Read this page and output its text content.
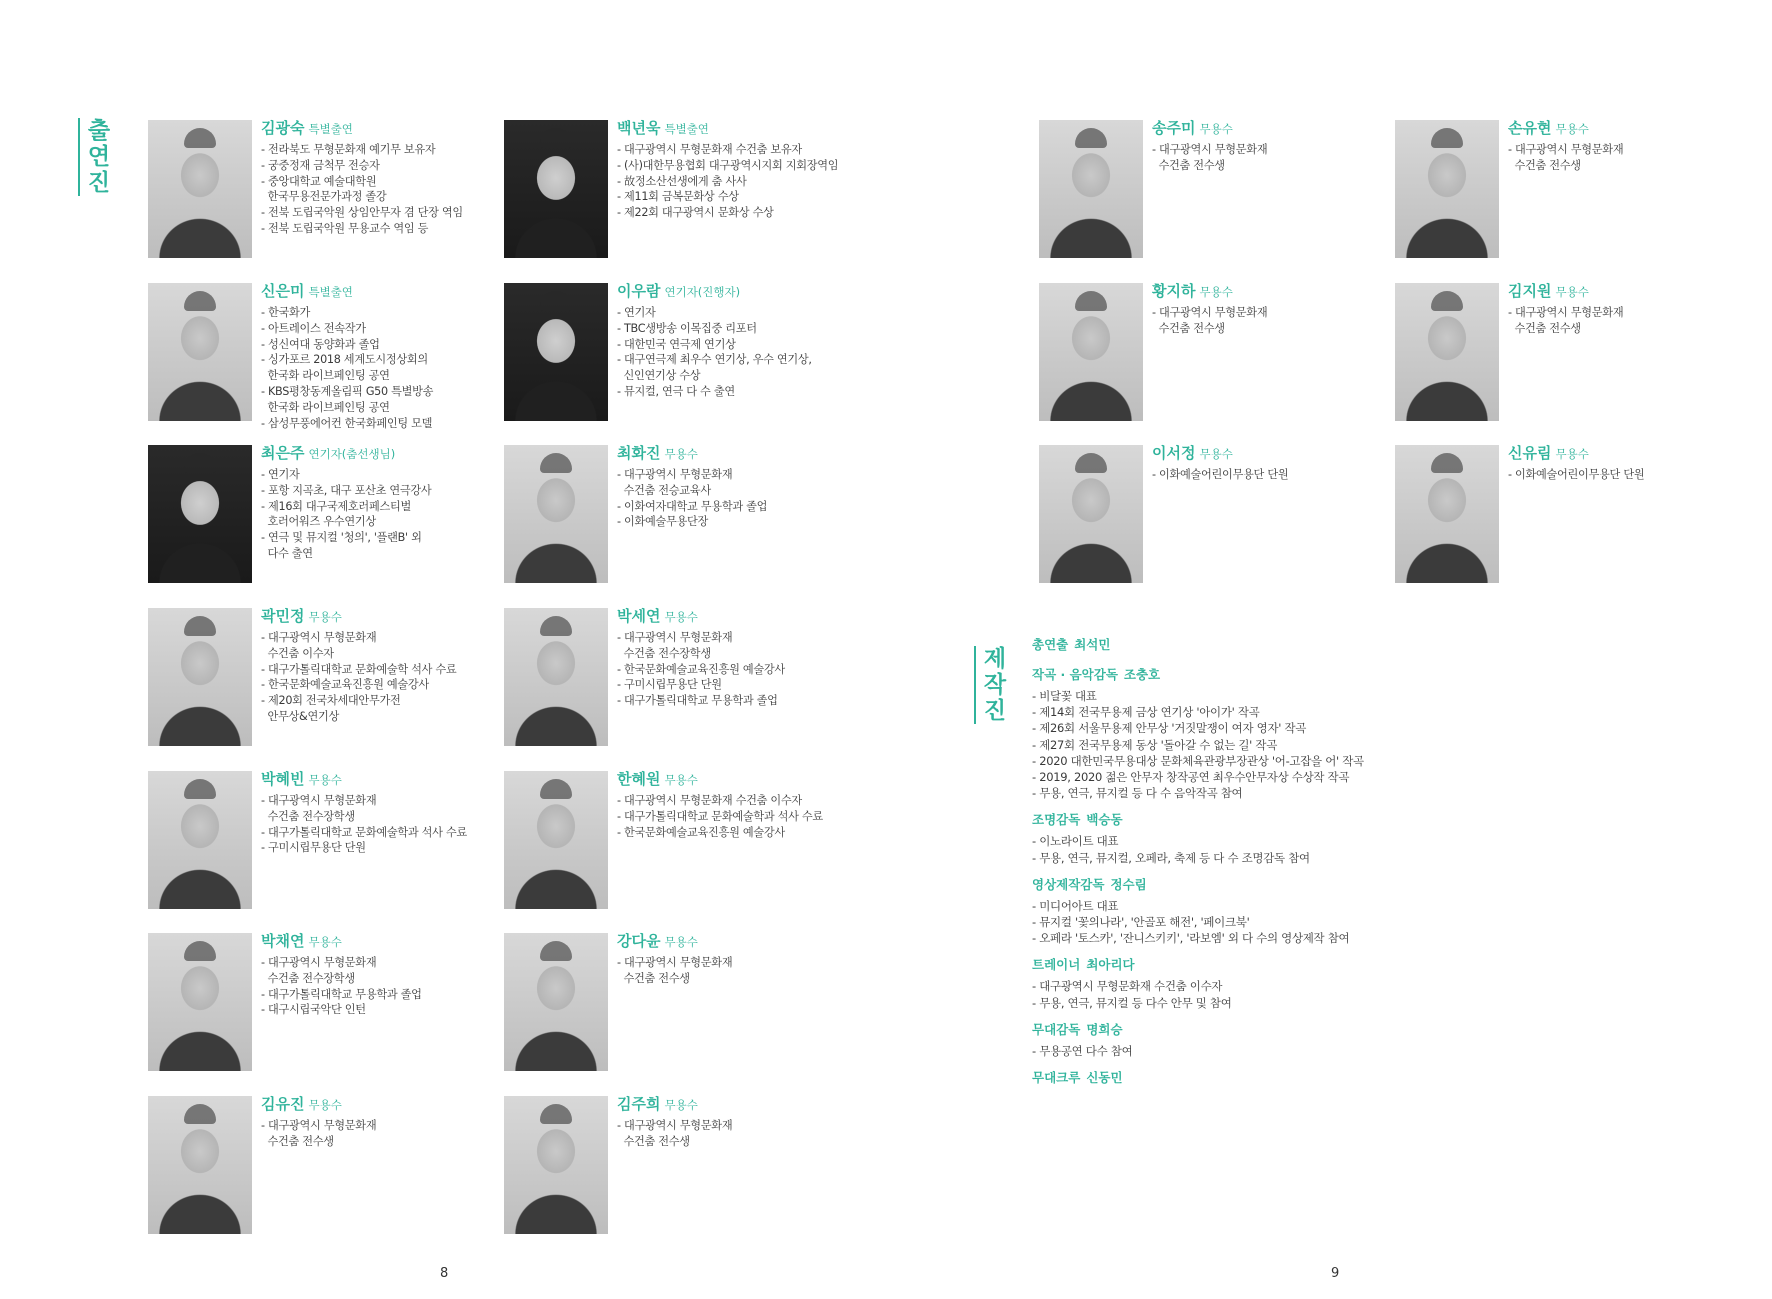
출
연
진
제
작
진
김광숙 특별출연
- 전라북도 무형문화재 예기무 보유자
- 궁중정재 금척무 전승자
- 중앙대학교 예술대학원
한국무용전문가과정 졸강
- 전북 도립국악원 상임안무자 겸 단장 역임
- 전북 도립국악원 무용교수 역임 등
백년욱 특별출연
- 대구광역시 무형문화재 수건춤 보유자
- (사)대한무용협회 대구광역시지회 지회장역임
- 故정소산선생에게 춤 사사
- 제11회 금복문화상 수상
- 제22회 대구광역시 문화상 수상
신은미 특별출연
- 한국화가
- 아트레이스 전속작가
- 성신여대 동양화과 졸업
- 싱가포르 2018 세계도시정상회의
한국화 라이브페인팅 공연
- KBS평창동계올림픽 G50 특별방송
한국화 라이브페인팅 공연
- 삼성무풍에어컨 한국화페인팅 모델
이우람 연기자(진행자)
- 연기자
- TBC생방송 이목집중 리포터
- 대한민국 연극제 연기상
- 대구연극제 최우수 연기상, 우수 연기상,
신인연기상 수상
- 뮤지컬, 연극 다 수 출연
최은주 연기자(춤선생님)
- 연기자
- 포항 지곡초, 대구 포산초 연극강사
- 제16회 대구국제호러페스티벌
호러어워즈 우수연기상
- 연극 및 뮤지컬 '청의', '플랜B' 외
다수 출연
최화진 무용수
- 대구광역시 무형문화재
수건춤 전승교육사
- 이화여자대학교 무용학과 졸업
- 이화예술무용단장
곽민정 무용수
- 대구광역시 무형문화재
수건춤 이수자
- 대구가톨릭대학교 문화예술학 석사 수료
- 한국문화예술교육진흥원 예술강사
- 제20회 전국차세대안무가전
안무상&연기상
박세연 무용수
- 대구광역시 무형문화재
수건춤 전수장학생
- 한국문화예술교육진흥원 예술강사
- 구미시립무용단 단원
- 대구가톨릭대학교 무용학과 졸업
박혜빈 무용수
- 대구광역시 무형문화재
수건춤 전수장학생
- 대구가톨릭대학교 문화예술학과 석사 수료
- 구미시립무용단 단원
한혜원 무용수
- 대구광역시 무형문화재 수건춤 이수자
- 대구가톨릭대학교 문화예술학과 석사 수료
- 한국문화예술교육진흥원 예술강사
박채연 무용수
- 대구광역시 무형문화재
수건춤 전수장학생
- 대구가톨릭대학교 무용학과 졸업
- 대구시립국악단 인턴
강다윤 무용수
- 대구광역시 무형문화재
수건춤 전수생
김유진 무용수
- 대구광역시 무형문화재
수건춤 전수생
김주희 무용수
- 대구광역시 무형문화재
수건춤 전수생
송주미 무용수
- 대구광역시 무형문화재
수건춤 전수생
손유현 무용수
- 대구광역시 무형문화재
수건춤 전수생
황지하 무용수
- 대구광역시 무형문화재
수건춤 전수생
김지원 무용수
- 대구광역시 무형문화재
수건춤 전수생
이서정 무용수
- 이화예술어린이무용단 단원
신유림 무용수
- 이화예술어린이무용단 단원
총연출 최석민
작곡 · 음악감독 조충호
- 비달꽃 대표
- 제14회 전국무용제 금상 연기상 '아이가' 작곡
- 제26회 서울무용제 안무상 '거짓말쟁이 여자 영자' 작곡
- 제27회 전국무용제 동상 '돌아갈 수 없는 길' 작곡
- 2020 대한민국무용대상 문화체육관광부장관상 '어-고잡을 어' 작곡
- 2019, 2020 젊은 안무자 창작공연 최우수안무자상 수상작 작곡
- 무용, 연극, 뮤지컬 등 다 수 음악작곡 참여
조명감독 백승동
- 이노라이트 대표
- 무용, 연극, 뮤지컬, 오페라, 축제 등 다 수 조명감독 참여
영상제작감독 정수림
- 미디어아트 대표
- 뮤지컬 '꽃의나라', '안골포 해전', '페이크북'
- 오페라 '토스카', '잔니스키키', '라보엠' 외 다 수의 영상제작 참여
트레이너 최아리다
- 대구광역시 무형문화재 수건춤 이수자
- 무용, 연극, 뮤지컬 등 다수 안무 및 참여
무대감독 명희승
- 무용공연 다수 참여
무대크루 신동민
8	9
